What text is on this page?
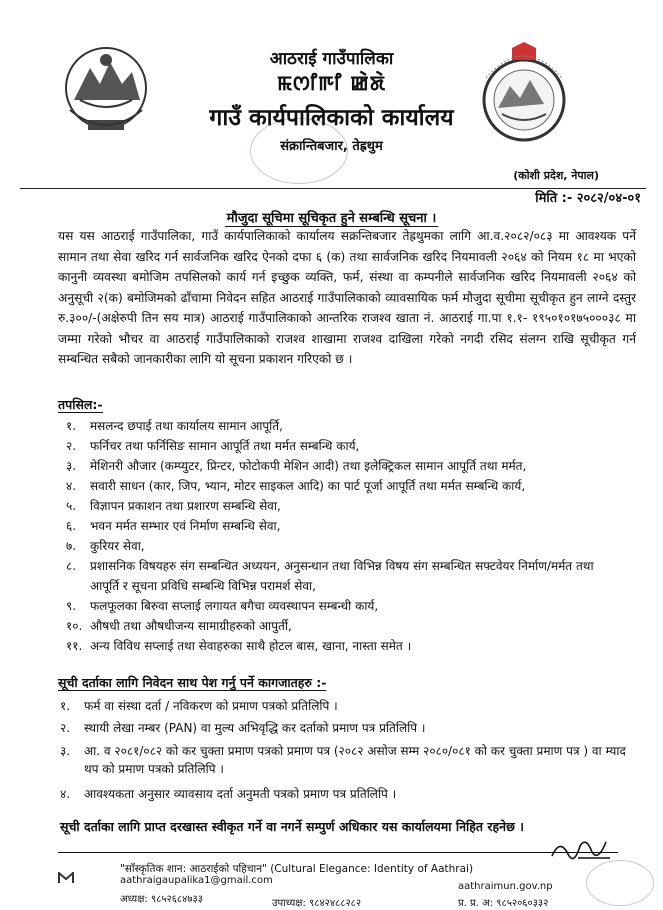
आठराई गाउँपालिका
ꯃꯁꯤꯒꯤ ꯀꯥꯗꯥ
गाउँ कार्यपालिकाको कार्यालय
संक्रान्तिबजार, तेह्रथुम
(कोशी प्रदेश, नेपाल)
मिति :- २०८२/०४-०१
मौजुदा सूचिमा सूचिकृत हुने सम्बन्धि सूचना ।
यस यस आठराई गाउँपालिका, गाउँ कार्यपालिकाको कार्यालय सक्रन्तिबजार तेह्रथुमका लागि आ.व.२०८२/०८३ मा आवश्यक पर्ने सामान तथा सेवा खरिद गर्न सार्वजनिक खरिद ऐनको दफा ६ (क) तथा सार्वजनिक खरिद नियमावली २०६४ को नियम १८ मा भएको कानुनी व्यवस्था बमोजिम तपसिलको कार्य गर्न इच्छुक व्यक्ति, फर्म, संस्था वा कम्पनीले सार्वजनिक खरिद नियमावली २०६४ को अनुसूची २(क) बमोजिमको ढाँचामा निवेदन सहित आठराई गाउँपालिकाको व्यावसायिक फर्म मौजुदा सूचीमा सूचीकृत हुन लाग्ने दस्तुर रु.३००/-(अक्षेरुपी तिन सय मात्र) आठराई गाउँपालिकाको आन्तरिक राजश्व खाता नं. आठराई गा.पा १.१- १९५०१०१७५०००३८ मा जम्मा गरेको भौचर वा आठराई गाउँपालिकाको राजश्व शाखामा राजश्व दाखिला गरेको नगदी रसिद संलग्न राखि सूचीकृत गर्न सम्बन्धित सबैको जानकारीका लागि यो सूचना प्रकाशन गरिएको छ ।
तपसिल:-
१. मसलन्द छपाई तथा कार्यालय सामान आपूर्ति,
२. फर्निचर तथा फर्निसिङ सामान आपूर्ति तथा मर्मत सम्बन्धि कार्य,
३. मेशिनरी औजार (कम्प्युटर, प्रिन्टर, फोटोकपी मेशिन आदी) तथा इलेक्ट्रिकल सामान आपूर्ति तथा मर्मत,
४. सवारी साधन (कार, जिप, भ्यान, मोटर साइकल आदि) का पार्ट पूर्जा आपूर्ति तथा मर्मत सम्बन्धि कार्य,
५. विज्ञापन प्रकाशन तथा प्रशारण सम्बन्धि सेवा,
६. भवन मर्मत सम्भार एवं निर्माण सम्बन्धि सेवा,
७. कुरियर सेवा,
८.	प्रशासनिक विषयहरु संग सम्बन्धित अध्ययन, अनुसन्धान तथा विभिन्न विषय संग सम्बन्धित सफ्टवेयर निर्माण/मर्मत तथा आपूर्ति र सूचना प्रविधि सम्बन्धि विभिन्न परामर्श सेवा,
९. फलफूलका बिरुवा सप्लाई लगायत बगैचा व्यवस्थापन सम्बन्धी कार्य,
१०. औषधी तथा औषधीजन्य सामाग्रीहरुको आपुर्ती,
११. अन्य विविध सप्लाई तथा सेवाहरुका साथै होटल बास, खाना, नास्ता समेत ।
सूची दर्ताका लागि निवेदन साथ पेश गर्नु पर्ने कागजातहरु :-
१. फर्म वा संस्था दर्ता / नविकरण को प्रमाण पत्रको प्रतिलिपि ।
२. स्थायी लेखा नम्बर (PAN) वा मुल्य अभिवृद्धि कर दर्ताको प्रमाण पत्र प्रतिलिपि ।
३.	आ. व २०८१/०८२ को कर चुक्ता प्रमाण पत्रको प्रमाण पत्र (२०८२ असोज सम्म २०८०/०८१ को कर चुक्ता प्रमाण पत्र ) वा म्याद थप को प्रमाण पत्रको प्रतिलिपि ।
४. आवश्यकता अनुसार व्यावसाय दर्ता अनुमती पत्रको प्रमाण पत्र प्रतिलिपि ।
सूची दर्ताका लागि प्राप्त दरखास्त स्वीकृत गर्ने वा नगर्ने सम्पुर्ण अधिकार यस कार्यालयमा निहित रहनेछ ।
"साँस्कृतिक शान: आठराईको पहिचान" (Cultural Elegance: Identity of Aathrai)
aathraigaupalika1@gmail.com
aathraimun.gov.np
अध्यक्ष: ९८५२६८४७३३	उपाध्यक्ष: ९८४२४८८२८२	प्र. प्र. अ: ९८५२०६०३३२
